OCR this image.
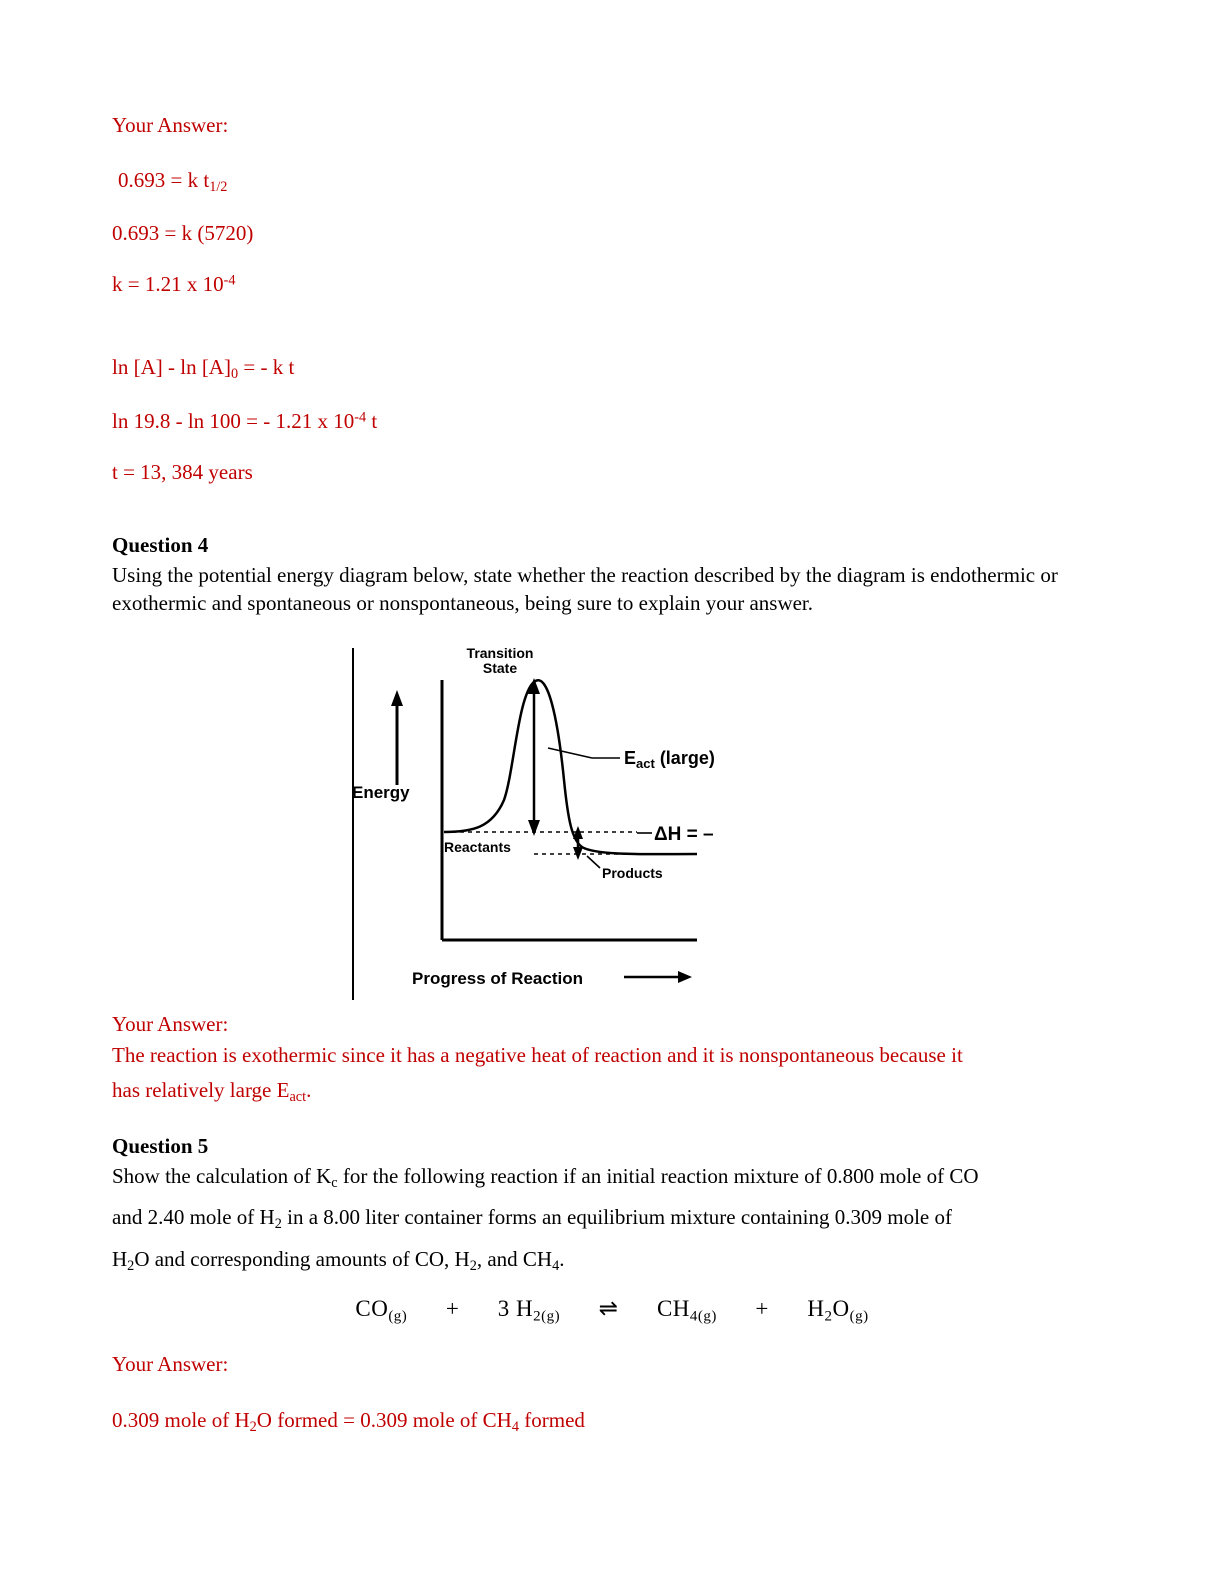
Your Answer:
0.693 = k $t_{1/2}$
0.693 = k (5720)
k = 1.21 x $10^{-4}$
$\ln [A] - \ln [A]_0$ = - k t
ln 19.8 - ln 100 = - 1.21 x $10^{-4}$ t
t = 13, 384 years
Question 4
Using the potential energy diagram below, state whether the reaction described by the diagram is endothermic or exothermic and spontaneous or nonspontaneous, being sure to explain your answer.
Transition
State
Energy
$E_{act}$ (large)
Reactants
Products
ΔH = –
Progress of Reaction
Your Answer:
The reaction is exothermic since it has a negative heat of reaction and it is nonspontaneous because it
has relatively large $E_{act}$.
Question 5
Show the calculation of $K_c$ for the following reaction if an initial reaction mixture of 0.800 mole of CO
and 2.40 mole of $H_2$ in a 8.00 liter container forms an equilibrium mixture containing 0.309 mole of
$H_2O$ and corresponding amounts of CO, $H_2$, and $CH_4$.
CO(g) + 3 H2(g) ⇌ CH4(g) + H2O(g)
Your Answer:
0.309 mole of $H_2O$ formed = 0.309 mole of $CH_4$ formed
